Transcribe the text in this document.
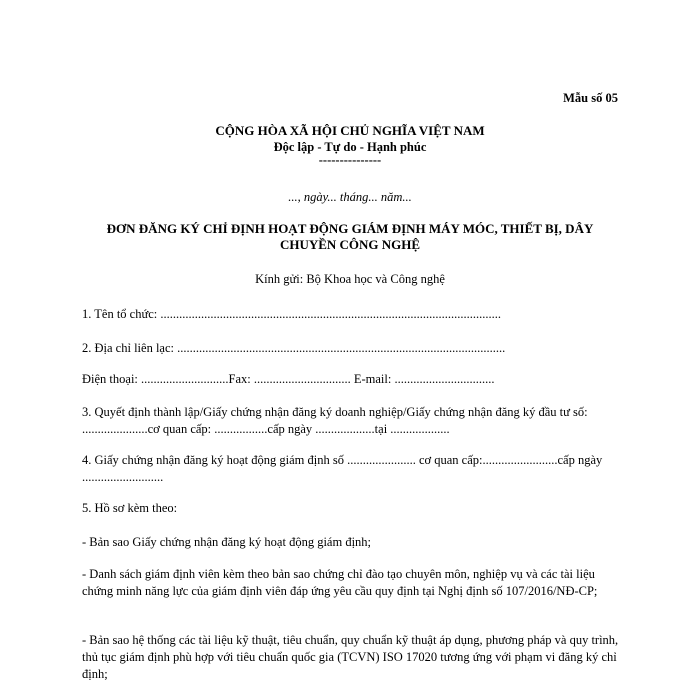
Mẫu số 05
CỘNG HÒA XÃ HỘI CHỦ NGHĨA VIỆT NAM
Độc lập - Tự do - Hạnh phúc
---------------
..., ngày... tháng... năm...
ĐƠN ĐĂNG KÝ CHỈ ĐỊNH HOẠT ĐỘNG GIÁM ĐỊNH MÁY MÓC, THIẾT BỊ, DÂY CHUYỀN CÔNG NGHỆ
Kính gửi: Bộ Khoa học và Công nghệ
1. Tên tổ chức: .............................................................................................................
2. Địa chỉ liên lạc: .........................................................................................................
Điện thoại: ............................Fax: ............................... E-mail: ................................
3. Quyết định thành lập/Giấy chứng nhận đăng ký doanh nghiệp/Giấy chứng nhận đăng ký đầu tư số: .....................cơ quan cấp: .................cấp ngày ...................tại ...................
4. Giấy chứng nhận đăng ký hoạt động giám định số ...................... cơ quan cấp:........................cấp ngày ..........................
5. Hồ sơ kèm theo:
- Bản sao Giấy chứng nhận đăng ký hoạt động giám định;
- Danh sách giám định viên kèm theo bản sao chứng chỉ đào tạo chuyên môn, nghiệp vụ và các tài liệu chứng minh năng lực của giám định viên đáp ứng yêu cầu quy định tại Nghị định số 107/2016/NĐ-CP;
- Bản sao hệ thống các tài liệu kỹ thuật, tiêu chuẩn, quy chuẩn kỹ thuật áp dụng, phương pháp và quy trình, thủ tục giám định phù hợp với tiêu chuẩn quốc gia (TCVN) ISO 17020 tương ứng với phạm vi đăng ký chỉ định;
